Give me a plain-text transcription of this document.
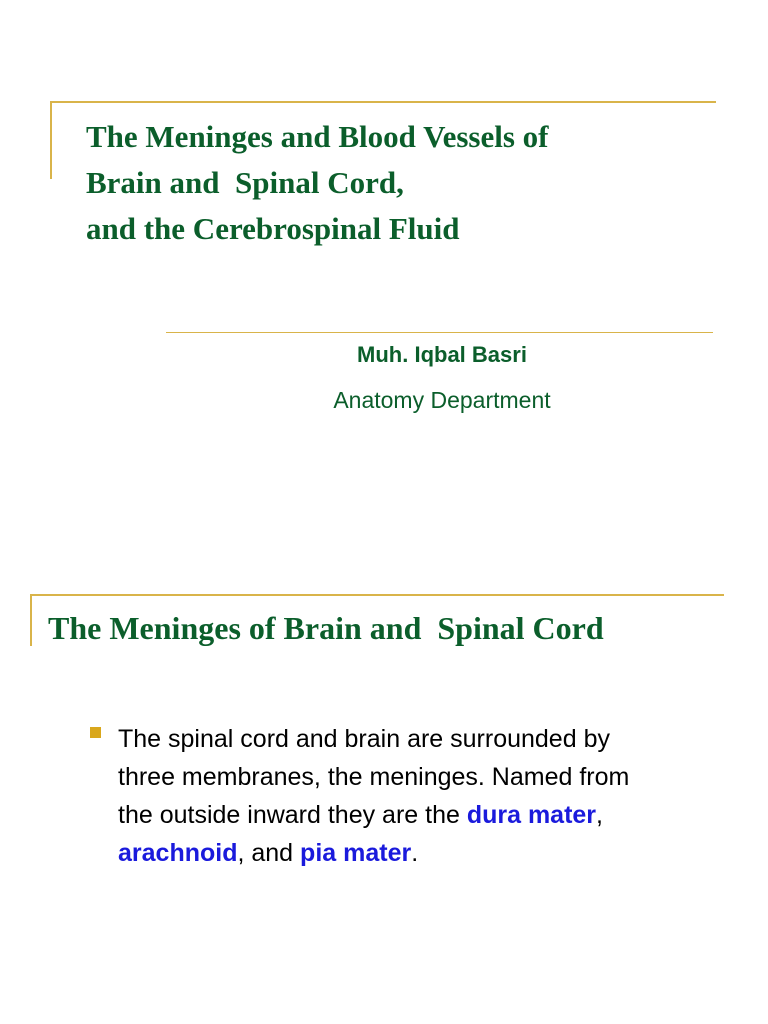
The Meninges and Blood Vessels of
Brain and  Spinal Cord,
and the Cerebrospinal Fluid
Muh. Iqbal Basri
Anatomy Department
The Meninges of Brain and  Spinal Cord
The spinal cord and brain are surrounded by three membranes, the meninges. Named from the outside inward they are the dura mater, arachnoid, and pia mater.
